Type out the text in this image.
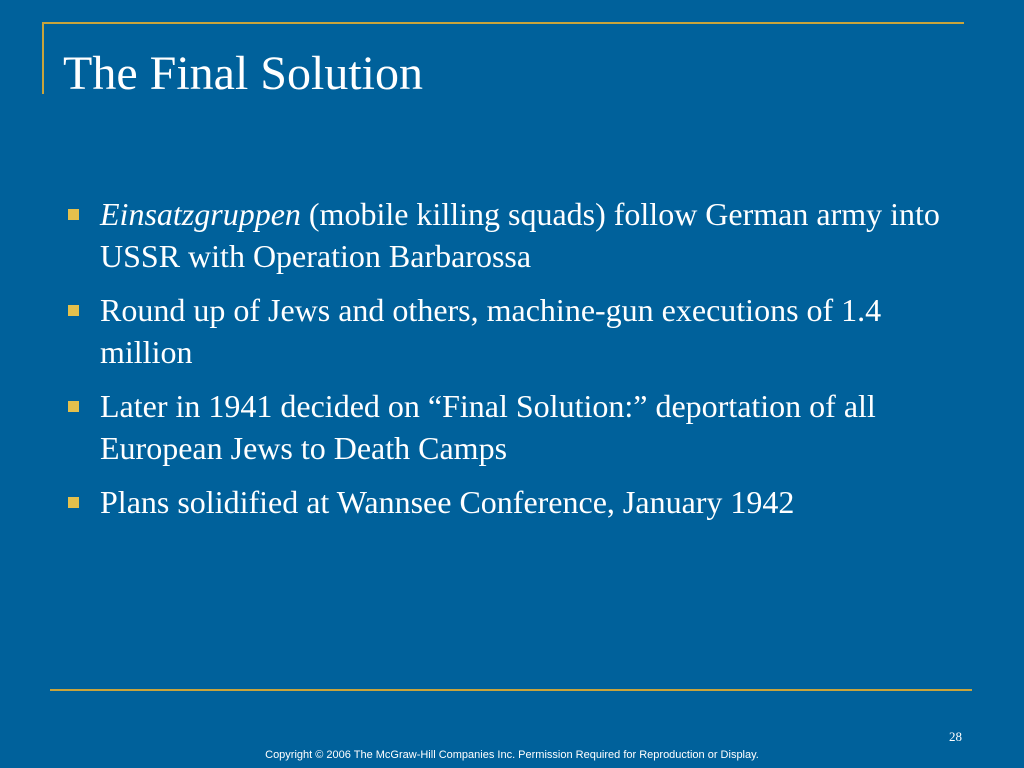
The Final Solution
Einsatzgruppen (mobile killing squads) follow German army into USSR with Operation Barbarossa
Round up of Jews and others, machine-gun executions of 1.4 million
Later in 1941 decided on “Final Solution:” deportation of all European Jews to Death Camps
Plans solidified at Wannsee Conference, January 1942
28
Copyright © 2006 The McGraw-Hill Companies Inc. Permission Required for Reproduction or Display.
